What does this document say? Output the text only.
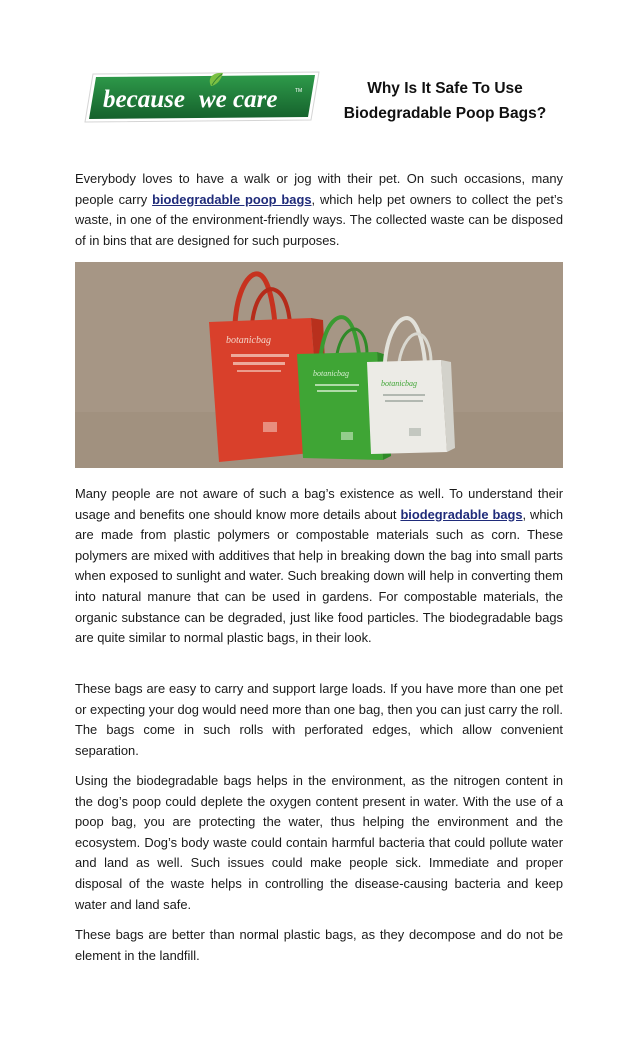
because we care	TM	Why Is It Safe To Use
Biodegradable Poop Bags?

Everybody loves to have a walk or jog with their pet. On such occasions, many people carry biodegradable poop bags, which help pet owners to collect the pet’s waste, in one of the environment-friendly ways. The collected waste can be disposed of in bins that are designed for such purposes.

botanicbag
botanicbag
botanicbag

Many people are not aware of such a bag’s existence as well. To understand their usage and benefits one should know more details about biodegradable bags, which are made from plastic polymers or compostable materials such as corn. These polymers are mixed with additives that help in breaking down the bag into small parts when exposed to sunlight and water. Such breaking down will help in converting them into natural manure that can be used in gardens. For compostable materials, the organic substance can be degraded, just like food particles. The biodegradable bags are quite similar to normal plastic bags, in their look.

These bags are easy to carry and support large loads. If you have more than one pet or expecting your dog would need more than one bag, then you can just carry the roll. The bags come in such rolls with perforated edges, which allow convenient separation.

Using the biodegradable bags helps in the environment, as the nitrogen content in the dog’s poop could deplete the oxygen content present in water. With the use of a poop bag, you are protecting the water, thus helping the environment and the ecosystem. Dog’s body waste could contain harmful bacteria that could pollute water and land as well. Such issues could make people sick. Immediate and proper disposal of the waste helps in controlling the disease-causing bacteria and keep water and land safe.

These bags are better than normal plastic bags, as they decompose and do not be element in the landfill.
